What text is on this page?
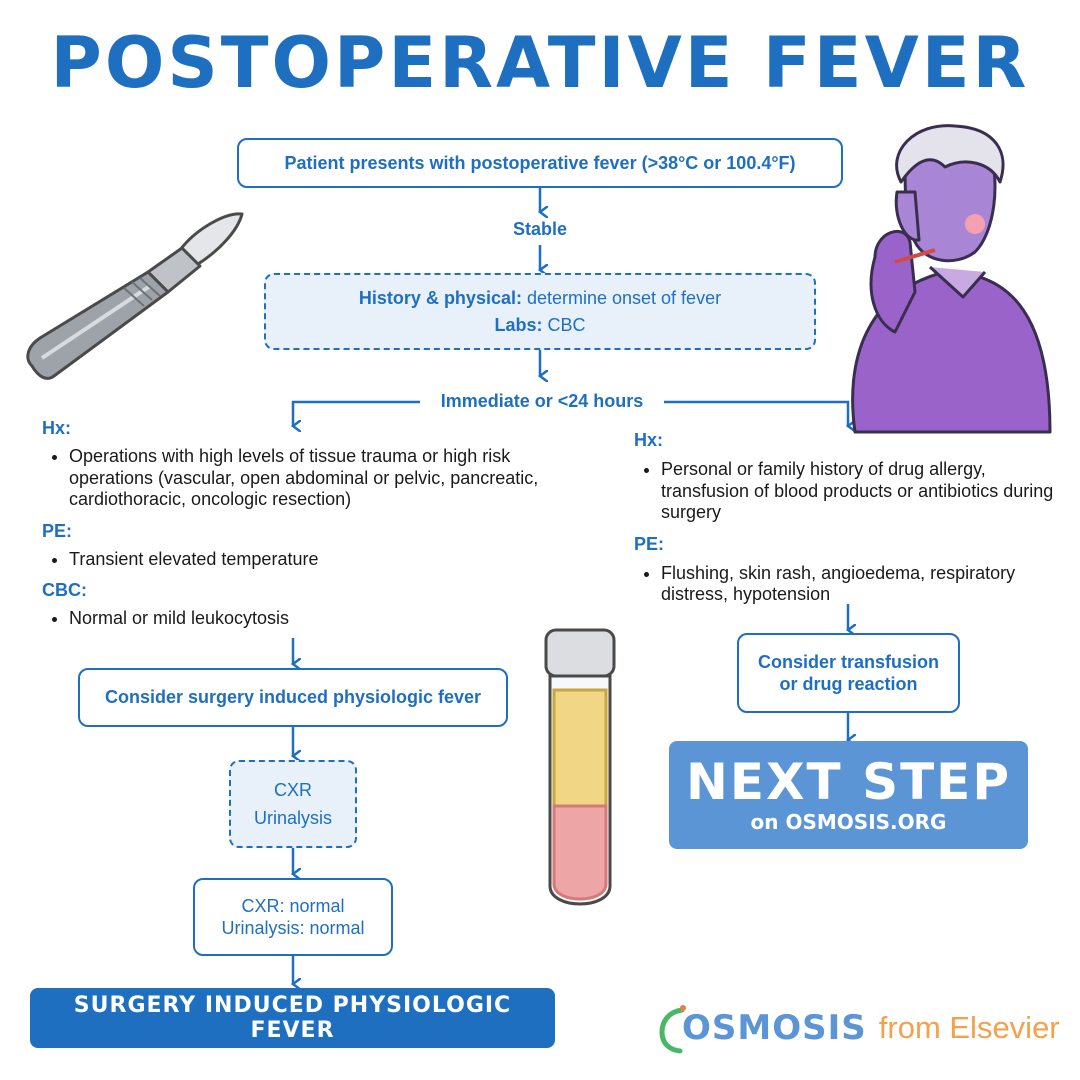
POSTOPERATIVE FEVER
Patient presents with postoperative fever (>38°C or 100.4°F)
Stable
History & physical: determine onset of fever
Labs: CBC
Immediate or <24 hours
Hx:
• Operations with high levels of tissue trauma or high risk operations (vascular, open abdominal or pelvic, pancreatic, cardiothoracic, oncologic resection)
PE:
• Transient elevated temperature
CBC:
• Normal or mild leukocytosis
Consider surgery induced physiologic fever
CXR
Urinalysis
CXR: normal
Urinalysis: normal
SURGERY INDUCED PHYSIOLOGIC FEVER
Hx:
• Personal or family history of drug allergy, transfusion of blood products or antibiotics during surgery
PE:
• Flushing, skin rash, angioedema, respiratory distress, hypotension
Consider transfusion
or drug reaction
NEXT STEP
on OSMOSIS.ORG
OSMOSIS from Elsevier
